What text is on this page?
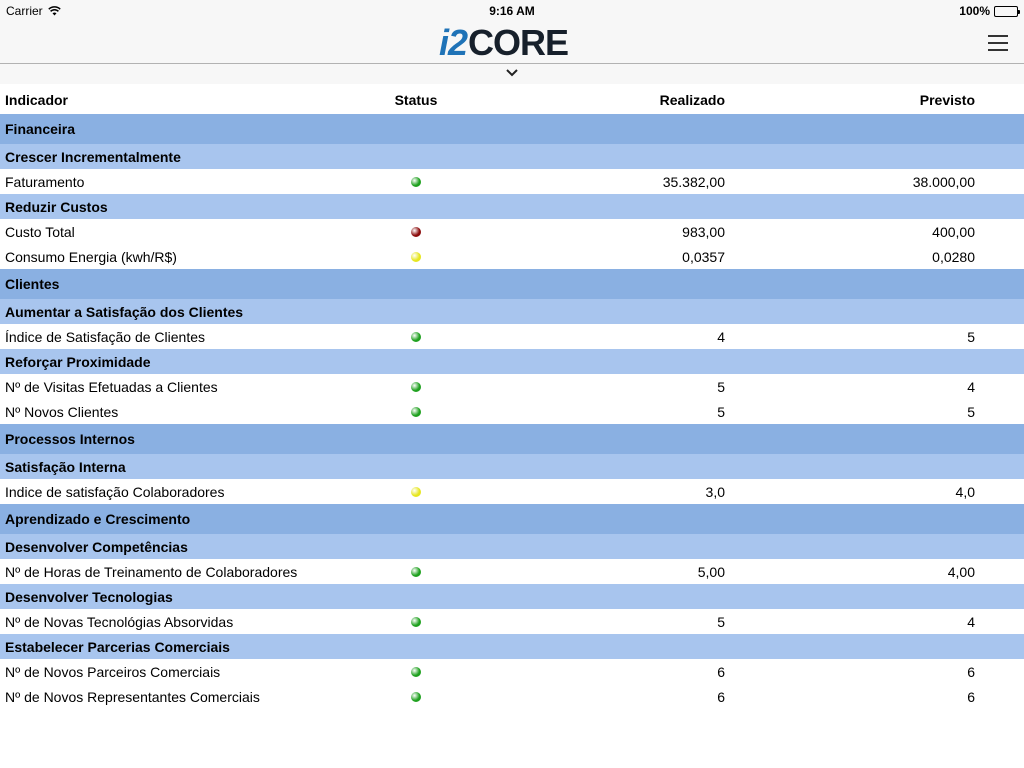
Carrier	9:16 AM	100%
i 2 CORE
Indicador	Status	Realizado	Previsto
Financeira
Crescer Incrementalmente
Faturamento	35.382,00	38.000,00
Reduzir Custos
Custo Total	983,00	400,00
Consumo Energia (kwh/R$)	0,0357	0,0280
Clientes
Aumentar a Satisfação dos Clientes
Índice de Satisfação de Clientes	4	5
Reforçar Proximidade
Nº de Visitas Efetuadas a Clientes	5	4
Nº Novos Clientes	5	5
Processos Internos
Satisfação Interna
Indice de satisfação Colaboradores	3,0	4,0
Aprendizado e Crescimento
Desenvolver Competências
Nº de Horas de Treinamento de Colaboradores	5,00	4,00
Desenvolver Tecnologias
Nº de Novas Tecnológias Absorvidas	5	4
Estabelecer Parcerias Comerciais
Nº de Novos Parceiros Comerciais	6	6
Nº de Novos Representantes Comerciais	6	6
